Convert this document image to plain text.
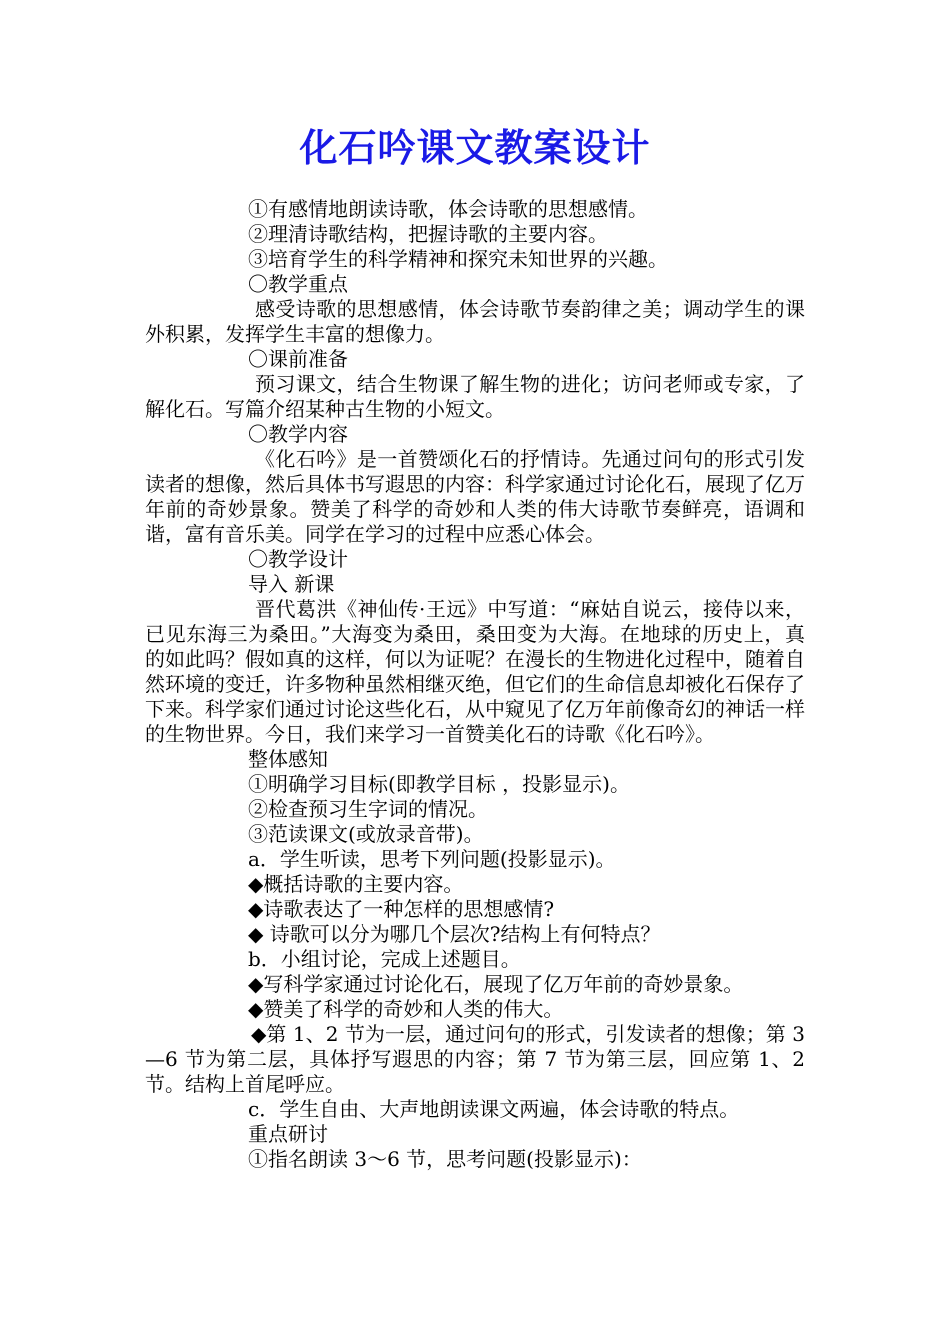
化石吟课文教案设计

①有感情地朗读诗歌，体会诗歌的思想感情。

②理清诗歌结构，把握诗歌的主要内容。

③培育学生的科学精神和探究未知世界的兴趣。

〇教学重点

感受诗歌的思想感情，体会诗歌节奏韵律之美；调动学生的课外积累，发挥学生丰富的想像力。

〇课前准备

预习课文，结合生物课了解生物的进化；访问老师或专家，了解化石。写篇介绍某种古生物的小短文。

〇教学内容

《化石吟》是一首赞颂化石的抒情诗。先通过问句的形式引发读者的想像，然后具体书写遐思的内容：科学家通过讨论化石，展现了亿万年前的奇妙景象。赞美了科学的奇妙和人类的伟大诗歌节奏鲜亮，语调和谐，富有音乐美。同学在学习的过程中应悉心体会。

〇教学设计

导入 新课

晋代葛洪《神仙传·王远》中写道：“麻姑自说云，接侍以来，已见东海三为桑田。”大海变为桑田，桑田变为大海。在地球的历史上，真的如此吗？假如真的这样，何以为证呢？在漫长的生物进化过程中，随着自然环境的变迁，许多物种虽然相继灭绝，但它们的生命信息却被化石保存了下来。科学家们通过讨论这些化石，从中窥见了亿万年前像奇幻的神话一样的生物世界。今日，我们来学习一首赞美化石的诗歌《化石吟》。

整体感知

①明确学习目标(即教学目标 ，投影显示)。

②检查预习生字词的情况。

③范读课文(或放录音带)。

a．学生听读，思考下列问题(投影显示)。

◆概括诗歌的主要内容。

◆诗歌表达了一种怎样的思想感情?

◆ 诗歌可以分为哪几个层次?结构上有何特点？

b．小组讨论，完成上述题目。

◆写科学家通过讨论化石，展现了亿万年前的奇妙景象。

◆赞美了科学的奇妙和人类的伟大。

◆第 1、2 节为一层，通过问句的形式，引发读者的想像；第 3—6 节为第二层，具体抒写遐思的内容；第 7 节为第三层，回应第 1、2 节。结构上首尾呼应。

c．学生自由、大声地朗读课文两遍，体会诗歌的特点。

重点研讨

①指名朗读 3～6 节，思考问题(投影显示)：
